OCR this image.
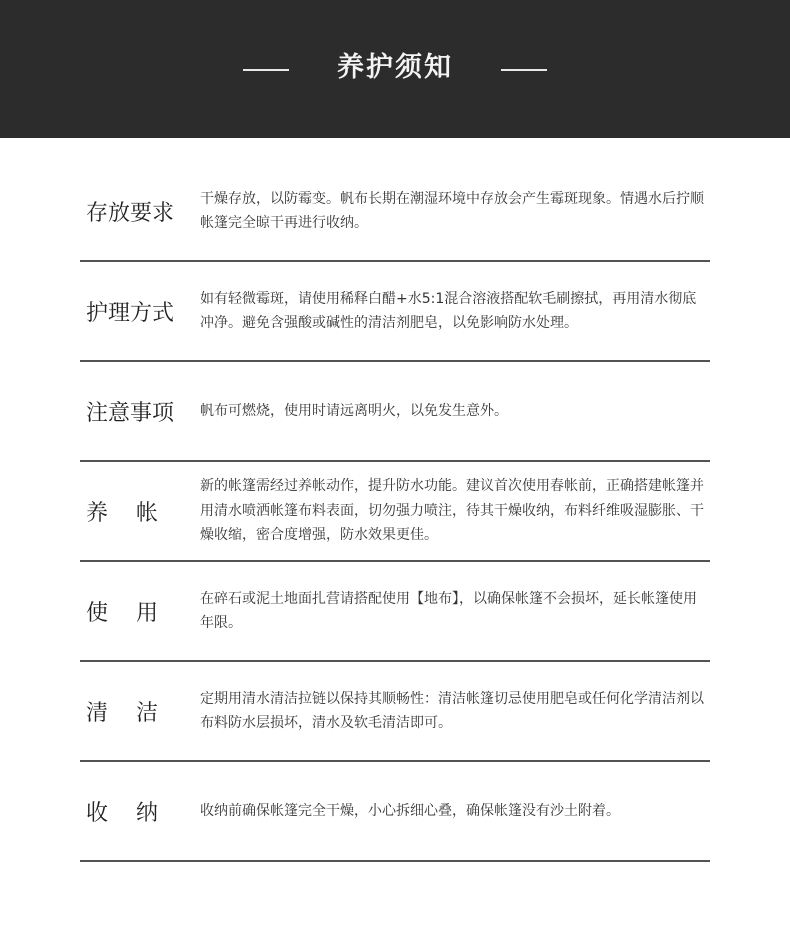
养护须知
存放要求
干燥存放，以防霉变。帆布长期在潮湿环境中存放会产生霉斑现象。情遇水后拧顺帐篷完全晾干再进行收纳。
护理方式
如有轻微霉斑，请使用稀释白醋+水5:1混合溶液搭配软毛刷擦拭，再用清水彻底冲净。避免含强酸或碱性的清洁剂肥皂，以免影响防水处理。
注意事项	帆布可燃烧，使用时请远离明火，以免发生意外。
养帐
新的帐篷需经过养帐动作，提升防水功能。建议首次使用春帐前，正确搭建帐篷并用清水喷洒帐篷布料表面，切勿强力喷注，待其干燥收纳，布料纤维吸湿膨胀、干燥收缩，密合度增强，防水效果更佳。
使用
在碎石或泥土地面扎营请搭配使用【地布】，以确保帐篷不会损坏，延长帐篷使用年限。
清洁
定期用清水清洁拉链以保持其顺畅性：清洁帐篷切忌使用肥皂或任何化学清洁剂以布料防水层损坏，清水及软毛清洁即可。
收纳 收纳前确保帐篷完全干燥，小心拆细心叠，确保帐篷没有沙土附着。
